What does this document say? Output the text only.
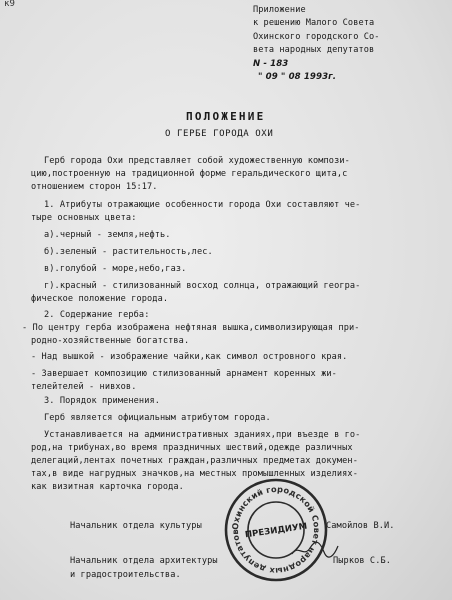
к9
Приложение
к решению Малого Совета
Охинского городского Со-
вета народных депутатов
N - 183
" 09 " 08 1993г.
ПОЛОЖЕНИЕ
О ГЕРБЕ ГОРОДА ОХИ
Герб города Охи представляет собой художественную компози-
цию,построенную на традиционной форме геральдического щита,с
отношением сторон 15:17.
1. Атрибуты отражающие особенности города Охи составляют че-
тыре основных цвета:
а).черный - земля,нефть.
б).зеленый - растительность,лес.
в).голубой - море,небо,газ.
г).красный - стилизованный восход солнца, отражающий геогра-
фическое положение города.
2. Содержание герба:
- По центру герба изображена нефтяная вышка,символизирующая при-
родно-хозяйственные богатства.
- Над вышкой - изображение чайки,как символ островного края.
- Завершает композицию стилизованный арнамент коренных жи-
телейтелей - нивхов.
3. Порядок применения.
Герб является официальным атрибутом города.
Устанавливается на административных зданиях,при въезде в го-
род,на трибунах,во время праздничных шествий,одежде различных
делегаций,лентах почетных граждан,различных предметах докумен-
тах,в виде нагрудных значков,на местных промышленных изделиях-
как визитная карточка города.
Начальник отдела культуры	Самойлов В.И.
Начальник отдела архитектуры
и градостроительства.
Пырков С.Б.
Охинский городской Совет народных депутатов ПРЕЗИДИУМ
